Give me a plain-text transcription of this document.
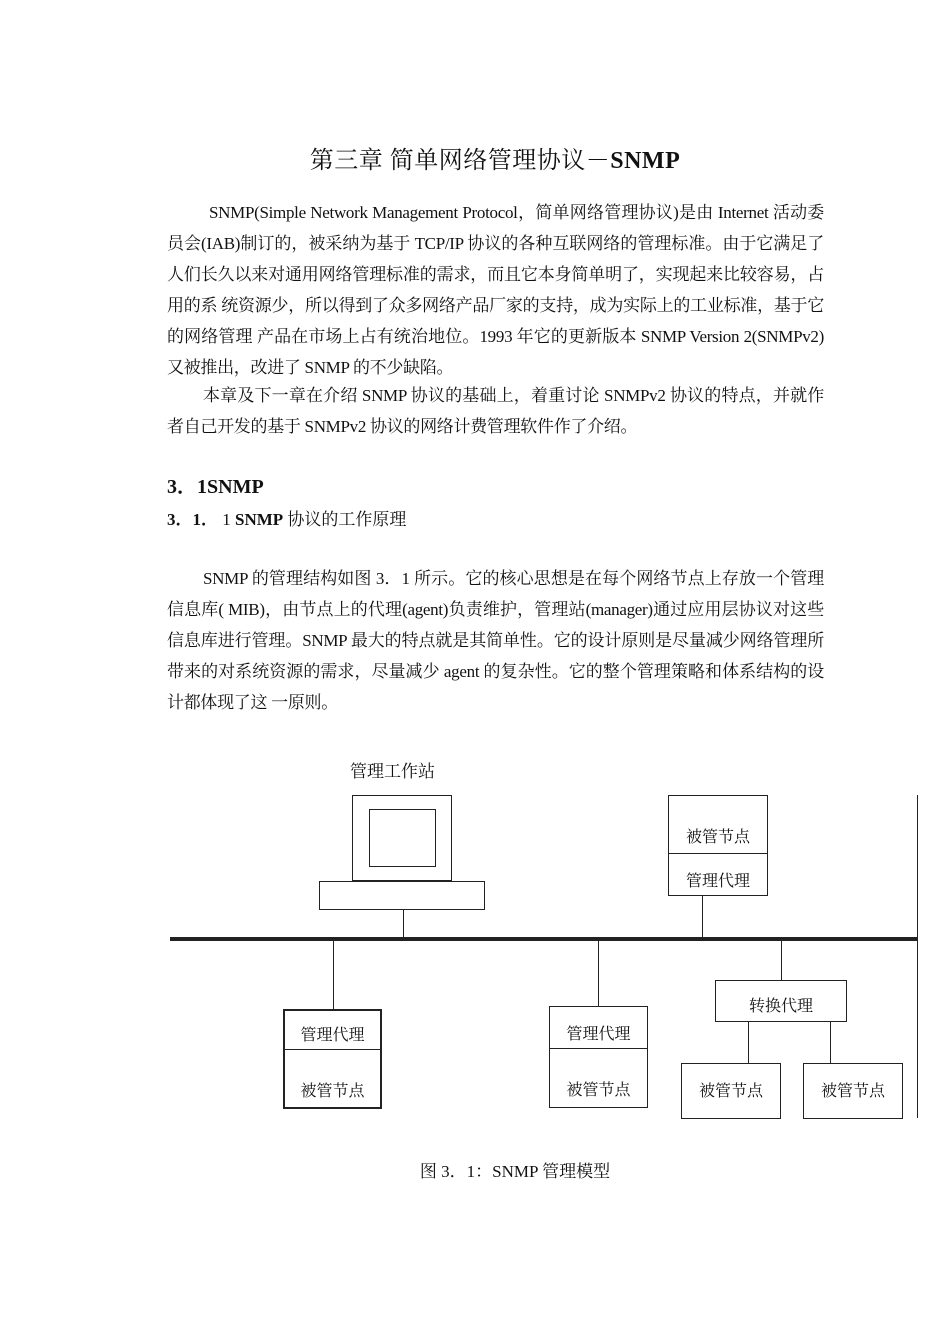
第三章 简单网络管理协议－SNMP

SNMP(Simple Network Management Protocol，简单网络管理协议)是由 Internet 活动委 员会(IAB)制订的，被采纳为基于 TCP/IP 协议的各种互联网络的管理标准。由于它满足了人们长久以来对通用网络管理标准的需求，而且它本身简单明了，实现起来比较容易，占用的系 统资源少，所以得到了众多网络产品厂家的支持，成为实际上的工业标准，基于它的网络管理 产品在市场上占有统治地位。1993 年它的更新版本 SNMP Version 2(SNMPv2)又被推出，改进了 SNMP 的不少缺陷。

本章及下一章在介绍 SNMP 协议的基础上，着重讨论 SNMPv2 协议的特点，并就作者自己开发的基于 SNMPv2 协议的网络计费管理软件作了介绍。

3．1SNMP
3．1． 1 SNMP 协议的工作原理

SNMP 的管理结构如图 3．1 所示。它的核心思想是在每个网络节点上存放一个管理信息库( MIB)，由节点上的代理(agent)负责维护，管理站(manager)通过应用层协议对这些信息库进行管理。SNMP 最大的特点就是其简单性。它的设计原则是尽量减少网络管理所带来的对系统资源的需求，尽量减少 agent 的复杂性。它的整个管理策略和体系结构的设计都体现了这 一原则。

管理工作站
被管节点
管理代理
管理代理
被管节点
管理代理
被管节点
转换代理
被管节点	被管节点
图 3．1：SNMP 管理模型
